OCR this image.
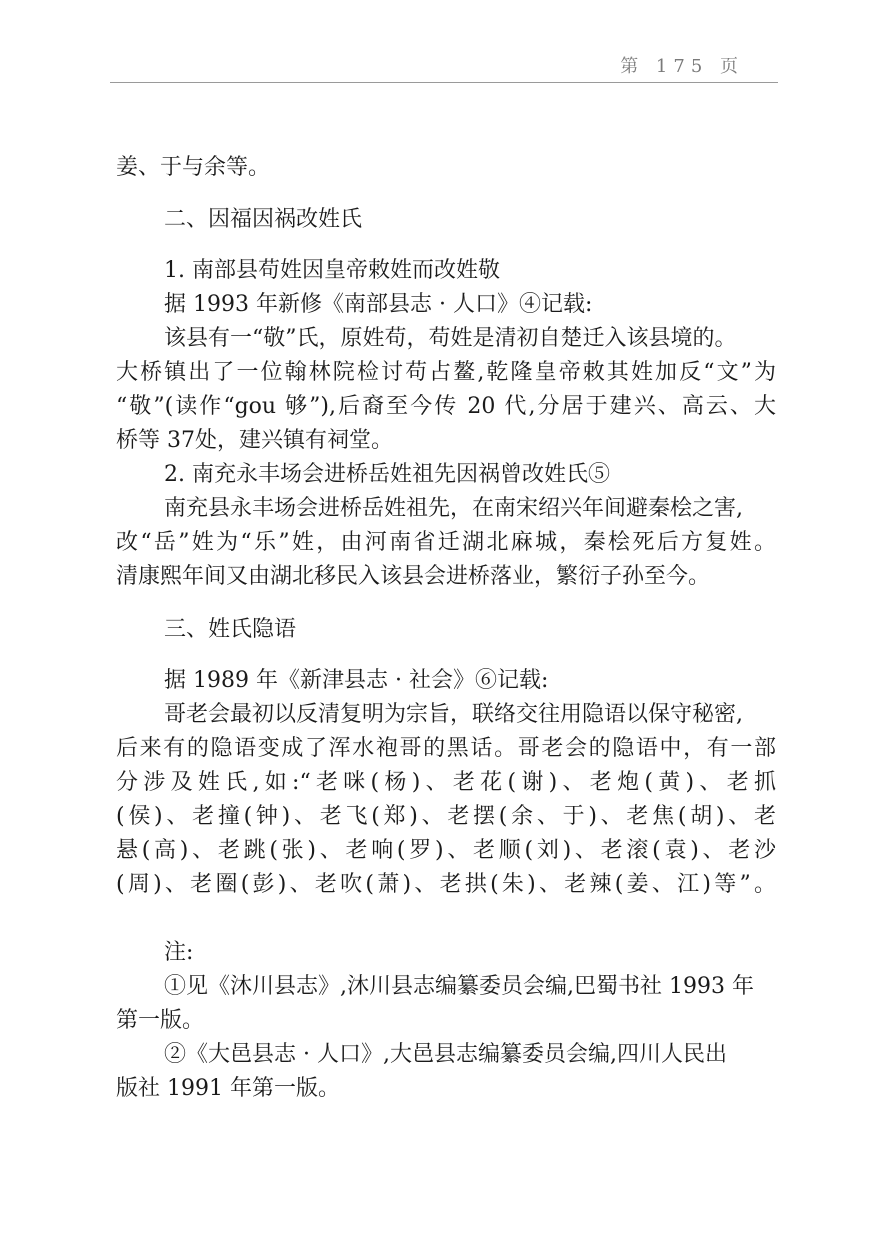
第 175 页
姜、于与余等。
二、因福因祸改姓氏
1. 南部县苟姓因皇帝敕姓而改姓敬
据 1993 年新修《南部县志 · 人口》④记载:
该县有一“敬”氏，原姓苟，苟姓是清初自楚迁入该县境的。
大桥镇出了一位翰林院检讨苟占鳌,乾隆皇帝敕其姓加反“文”为
“敬”(读作“gou 够”),后裔至今传 20 代,分居于建兴、高云、大
桥等 37处，建兴镇有祠堂。
2. 南充永丰场会进桥岳姓祖先因祸曾改姓氏⑤
南充县永丰场会进桥岳姓祖先，在南宋绍兴年间避秦桧之害,
改“岳”姓为“乐”姓，由河南省迁湖北麻城，秦桧死后方复姓。
清康熙年间又由湖北移民入该县会进桥落业，繁衍子孙至今。
三、姓氏隐语
据 1989 年《新津县志 · 社会》⑥记载:
哥老会最初以反清复明为宗旨，联络交往用隐语以保守秘密,
后来有的隐语变成了浑水袍哥的黑话。哥老会的隐语中，有一部
分涉及姓氏,如:“老咪(杨)、老花(谢)、老炮(黄)、老抓
(侯)、老撞(钟)、老飞(郑)、老摆(余、于)、老焦(胡)、老
悬(高)、老跳(张)、老响(罗)、老顺(刘)、老滚(袁)、老沙
(周)、老圈(彭)、老吹(萧)、老拱(朱)、老辣(姜、江)等”。
注:
①见《沐川县志》,沐川县志编纂委员会编,巴蜀书社 1993 年
第一版。
②《大邑县志 · 人口》,大邑县志编纂委员会编,四川人民出
版社 1991 年第一版。
